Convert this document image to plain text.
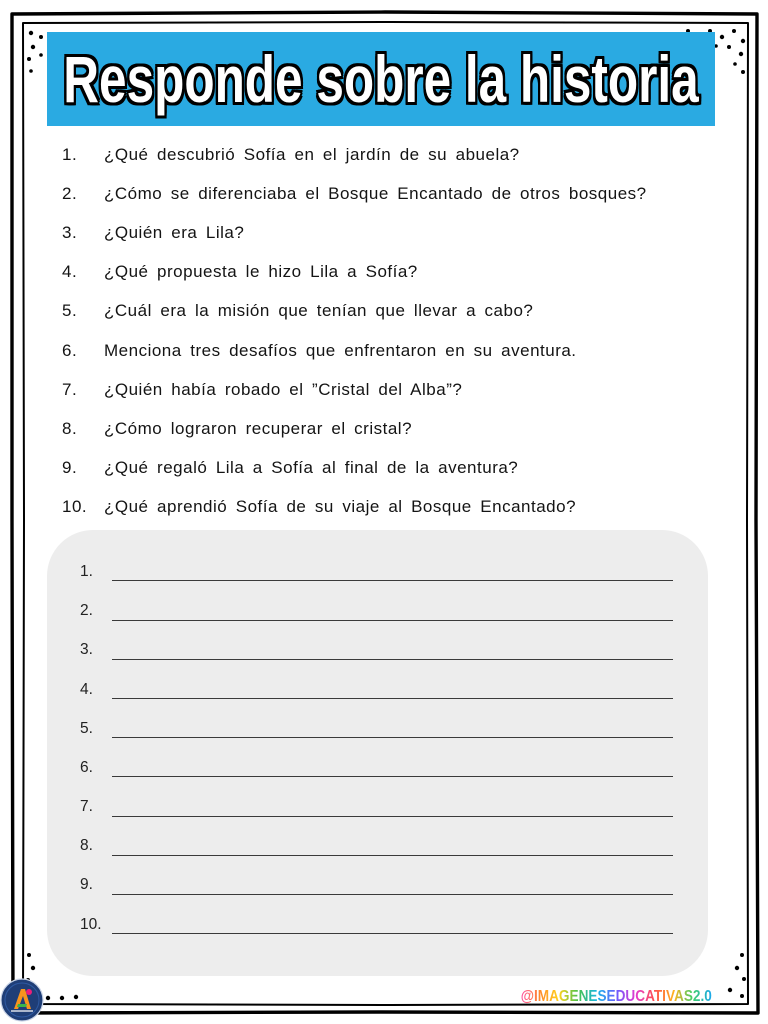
Responde sobre la historia
1.	¿Qué descubrió Sofía en el jardín de su abuela?
2.	¿Cómo se diferenciaba el Bosque Encantado de otros bosques?
3.	¿Quién era Lila?
4.	¿Qué propuesta le hizo Lila a Sofía?
5.	¿Cuál era la misión que tenían que llevar a cabo?
6.	Menciona tres desafíos que enfrentaron en su aventura.
7.	¿Quién había robado el ”Cristal del Alba”?
8.	¿Cómo lograron recuperar el cristal?
9.	¿Qué regaló Lila a Sofía al final de la aventura?
10. ¿Qué aprendió Sofía de su viaje al Bosque Encantado?
1.
2.
3.
4.
5.
6.
7.
8.
9.
10.
@IMAGENESEDUCATIVAS2.0
